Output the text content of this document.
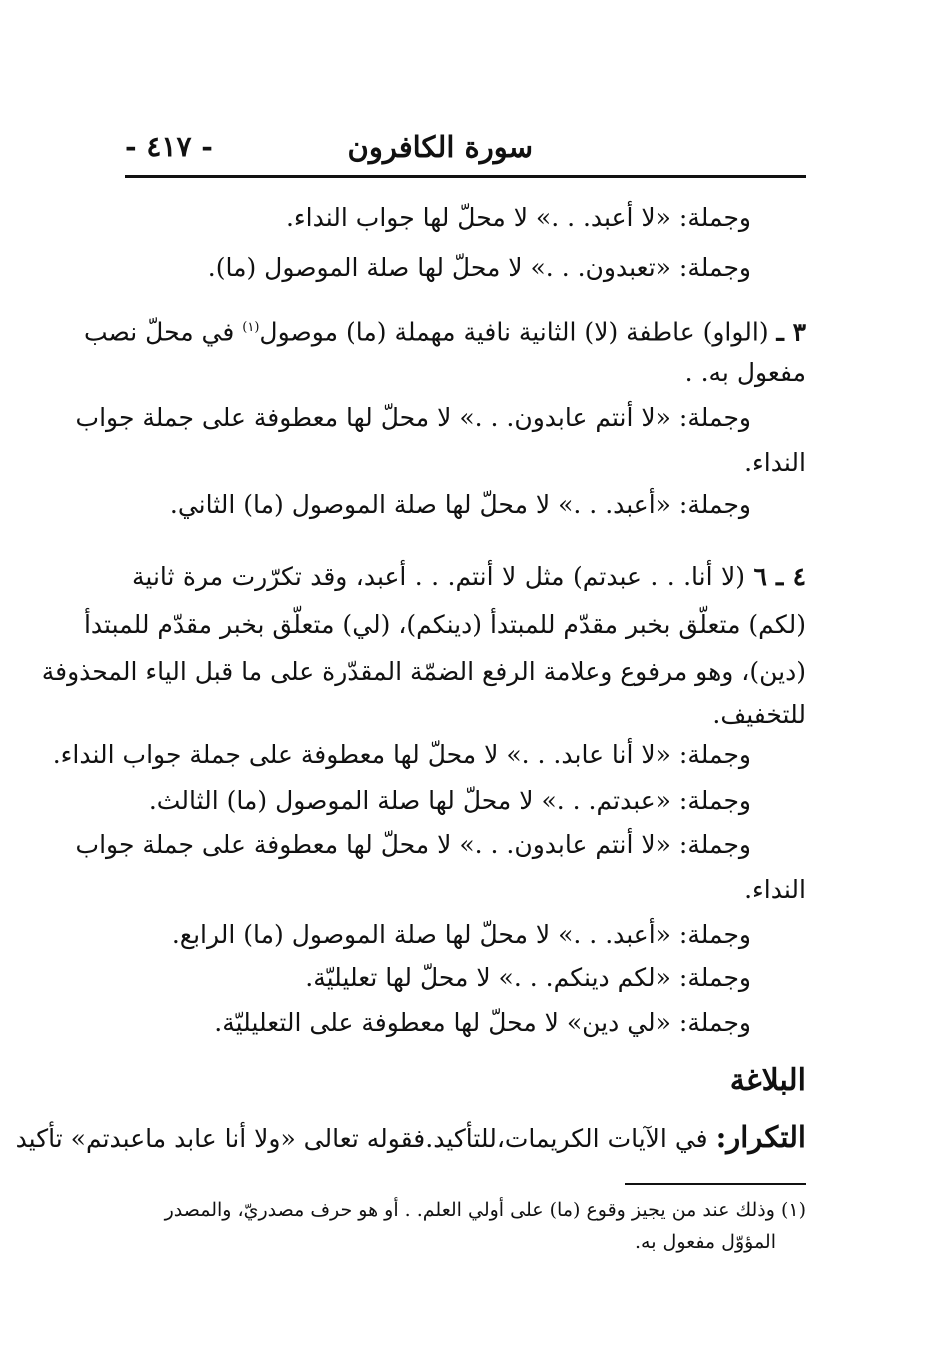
سورة الكافرون
- ٤١٧ -
وجملة: «لا أعبد. . .» لا محلّ لها جواب النداء.
وجملة: «تعبدون. . .» لا محلّ لها صلة الموصول (ما).
٣ ـ (الواو) عاطفة (لا) الثانية نافية مهملة (ما) موصول$^{(١)}$ في محلّ نصب
مفعول به. .
وجملة: «لا أنتم عابدون. . .» لا محلّ لها معطوفة على جملة جواب
النداء.
وجملة: «أعبد. . .» لا محلّ لها صلة الموصول (ما) الثاني.
٤ ـ ٦ (لا أنا. . . عبدتم) مثل لا أنتم. . . أعبد، وقد تكرّرت مرة ثانية
(لكم) متعلّق بخبر مقدّم للمبتدأ (دينكم)، (لي) متعلّق بخبر مقدّم للمبتدأ
(دين)، وهو مرفوع وعلامة الرفع الضمّة المقدّرة على ما قبل الياء المحذوفة
للتخفيف.
وجملة: «لا أنا عابد. . .» لا محلّ لها معطوفة على جملة جواب النداء.
وجملة: «عبدتم. . .» لا محلّ لها صلة الموصول (ما) الثالث.
وجملة: «لا أنتم عابدون. . .» لا محلّ لها معطوفة على جملة جواب
النداء.
وجملة: «أعبد. . .» لا محلّ لها صلة الموصول (ما) الرابع.
وجملة: «لكم دينكم. . .» لا محلّ لها تعليليّة.
وجملة: «لي دين» لا محلّ لها معطوفة على التعليليّة.
البلاغة
التكرار: في الآيات الكريمات،للتأكيد.فقوله تعالى «ولا أنا عابد ماعبدتم» تأكيد
(١) وذلك عند من يجيز وقوع (ما) على أولي العلم. . أو هو حرف مصدريّ، والمصدر
المؤوّل مفعول به.
